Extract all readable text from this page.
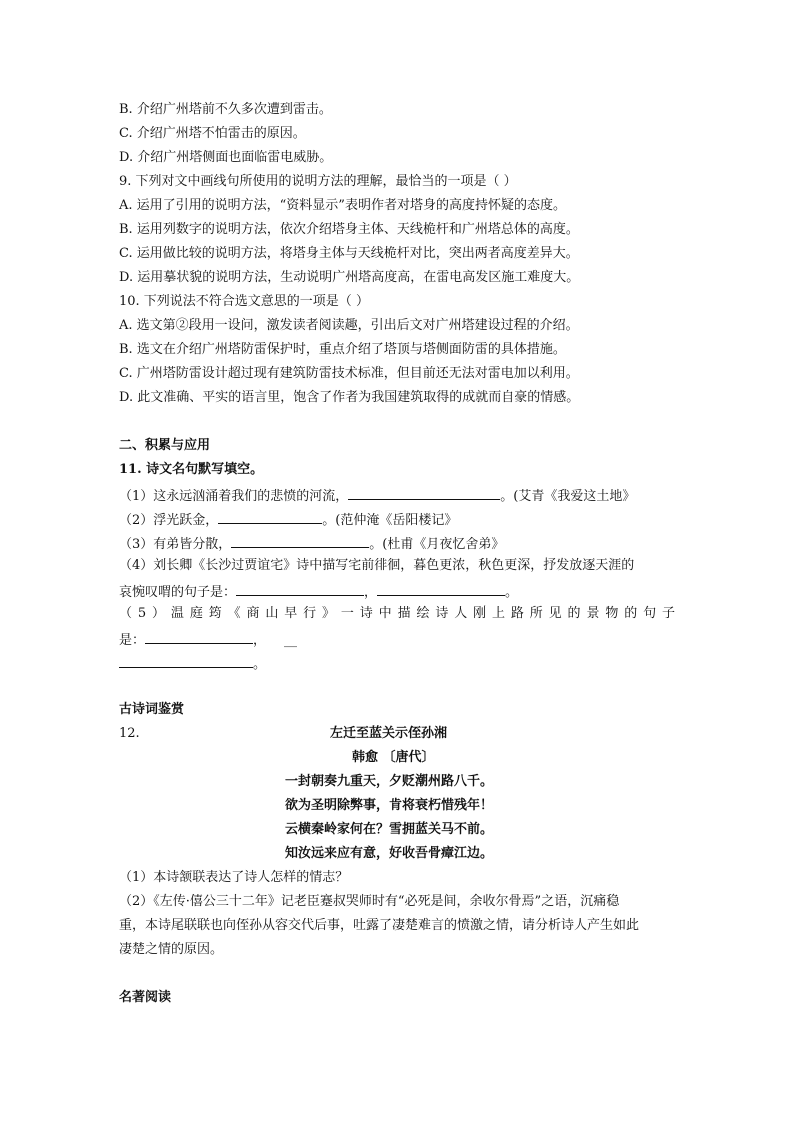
B. 介绍广州塔前不久多次遭到雷击。
C. 介绍广州塔不怕雷击的原因。
D. 介绍广州塔侧面也面临雷电威胁。
9. 下列对文中画线句所使用的说明方法的理解，最恰当的一项是（ ）
A. 运用了引用的说明方法，“资料显示”表明作者对塔身的高度持怀疑的态度。
B. 运用列数字的说明方法，依次介绍塔身主体、天线桅杆和广州塔总体的高度。
C. 运用做比较的说明方法，将塔身主体与天线桅杆对比，突出两者高度差异大。
D. 运用摹状貌的说明方法，生动说明广州塔高度高，在雷电高发区施工难度大。
10. 下列说法不符合选文意思的一项是（ ）
A. 选文第②段用一设问，激发读者阅读趣，引出后文对广州塔建设过程的介绍。
B. 选文在介绍广州塔防雷保护时，重点介绍了塔顶与塔侧面防雷的具体措施。
C. 广州塔防雷设计超过现有建筑防雷技术标准，但目前还无法对雷电加以利用。
D. 此文准确、平实的语言里，饱含了作者为我国建筑取得的成就而自豪的情感。
二、积累与应用
11. 诗文名句默写填空。
（1）这永远汹涌着我们的悲愤的河流，	。(艾青《我爱这土地》
（2）浮光跃金，	。(范仲淹《岳阳楼记》
（3）有弟皆分散，	。(杜甫《月夜忆舍弟》
（4）刘长卿《长沙过贾谊宅》诗中描写宅前徘徊，暮色更浓，秋色更深，抒发放逐天涯的
哀惋叹喟的句子是：	，	。
（5）温庭筠《商山早行》一诗中描绘诗人刚上路所见的景物的句子
是：	， __
。
古诗词鉴赏
12.	左迁至蓝关示侄孙湘
韩愈 〔唐代〕
一封朝奏九重天，夕贬潮州路八千。
欲为圣明除弊事，肯将衰朽惜残年！
云横秦岭家何在？雪拥蓝关马不前。
知汝远来应有意，好收吾骨瘴江边。
（1）本诗颔联表达了诗人怎样的情志？
（2）《左传·僖公三十二年》记老臣蹇叔哭师时有“必死是间，余收尔骨焉”之语，沉痛稳
重，本诗尾联联也向侄孙从容交代后事，吐露了凄楚难言的愤激之情，请分析诗人产生如此
凄楚之情的原因。
名著阅读
